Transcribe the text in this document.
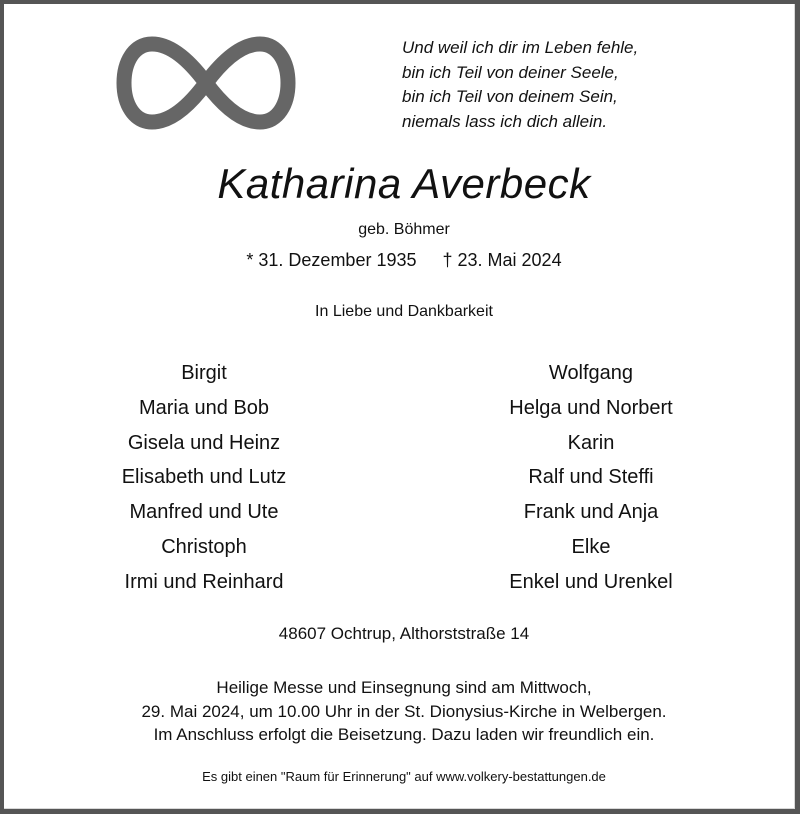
Und weil ich dir im Leben fehle,
bin ich Teil von deiner Seele,
bin ich Teil von deinem Sein,
niemals lass ich dich allein.
Katharina Averbeck
geb. Böhmer
* 31. Dezember 1935 † 23. Mai 2024
In Liebe und Dankbarkeit
Birgit
Maria und Bob
Gisela und Heinz
Elisabeth und Lutz
Manfred und Ute
Christoph
Irmi und Reinhard
Wolfgang
Helga und Norbert
Karin
Ralf und Steffi
Frank und Anja
Elke
Enkel und Urenkel
48607 Ochtrup, Althorststraße 14
Heilige Messe und Einsegnung sind am Mittwoch,
29. Mai 2024, um 10.00 Uhr in der St. Dionysius-Kirche in Welbergen.
Im Anschluss erfolgt die Beisetzung. Dazu laden wir freundlich ein.
Es gibt einen "Raum für Erinnerung" auf www.volkery-bestattungen.de
